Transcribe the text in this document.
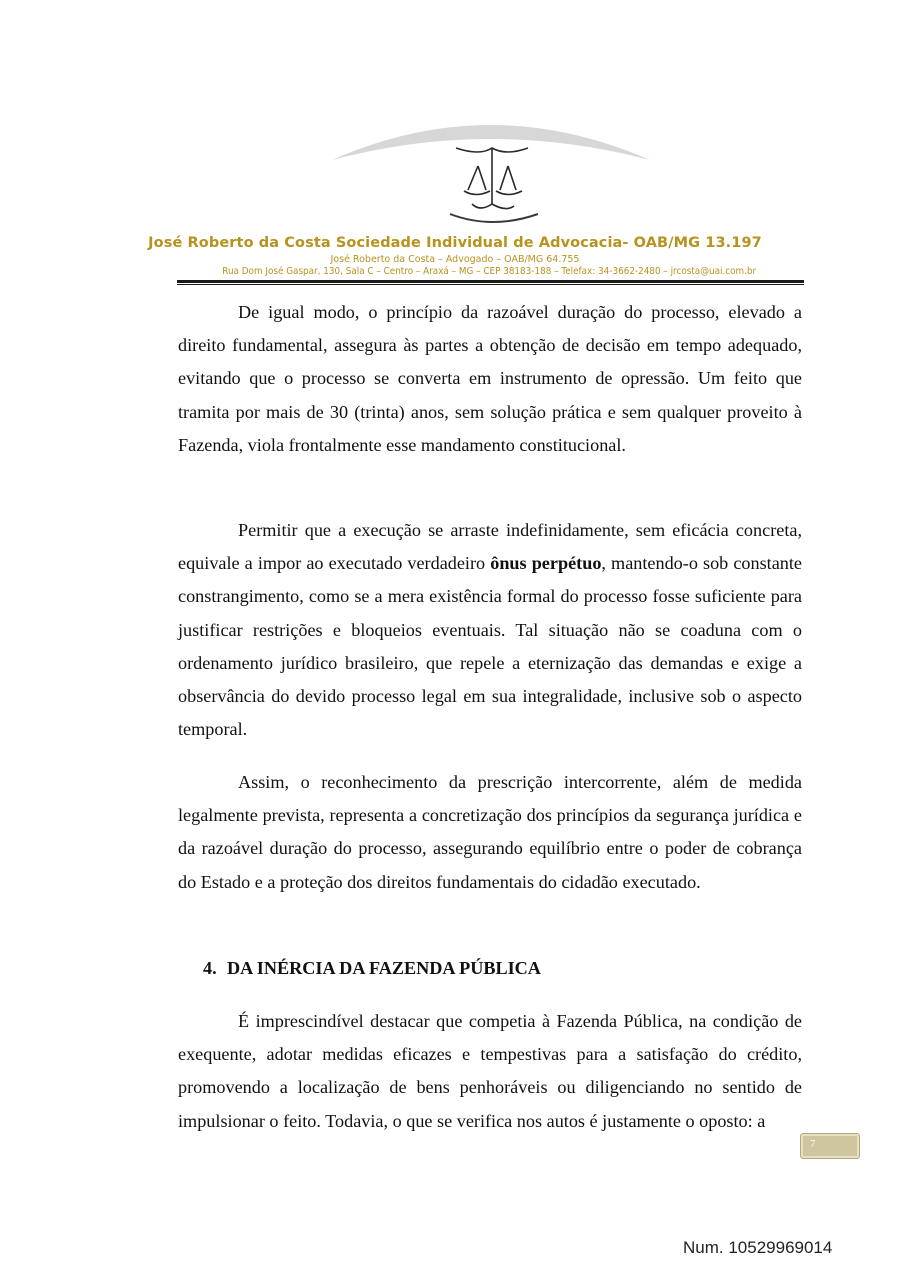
José Roberto da Costa Sociedade Individual de Advocacia- OAB/MG 13.197
José Roberto da Costa – Advogado – OAB/MG 64.755
Rua Dom José Gaspar, 130, Sala C – Centro – Araxá – MG – CEP 38183-188 – Telefax: 34-3662-2480 – jrcosta@uai.com.br

De igual modo, o princípio da razoável duração do processo, elevado a direito fundamental, assegura às partes a obtenção de decisão em tempo adequado, evitando que o processo se converta em instrumento de opressão. Um feito que tramita por mais de 30 (trinta) anos, sem solução prática e sem qualquer proveito à Fazenda, viola frontalmente esse mandamento constitucional.

Permitir que a execução se arraste indefinidamente, sem eficácia concreta, equivale a impor ao executado verdadeiro ônus perpétuo, mantendo-o sob constante constrangimento, como se a mera existência formal do processo fosse suficiente para justificar restrições e bloqueios eventuais. Tal situação não se coaduna com o ordenamento jurídico brasileiro, que repele a eternização das demandas e exige a observância do devido processo legal em sua integralidade, inclusive sob o aspecto temporal.

Assim, o reconhecimento da prescrição intercorrente, além de medida legalmente prevista, representa a concretização dos princípios da segurança jurídica e da razoável duração do processo, assegurando equilíbrio entre o poder de cobrança do Estado e a proteção dos direitos fundamentais do cidadão executado.

4. DA INÉRCIA DA FAZENDA PÚBLICA

É imprescindível destacar que competia à Fazenda Pública, na condição de exequente, adotar medidas eficazes e tempestivas para a satisfação do crédito, promovendo a localização de bens penhoráveis ou diligenciando no sentido de impulsionar o feito. Todavia, o que se verifica nos autos é justamente o oposto: a

7
Num. 10529969014
